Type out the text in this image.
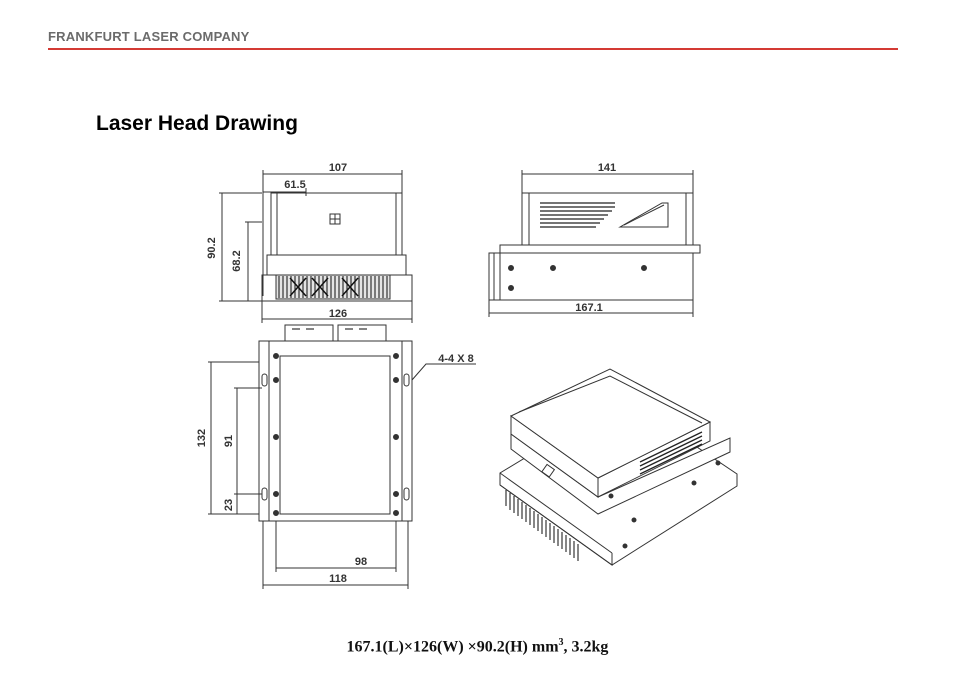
FRANKFURT LASER COMPANY
Laser Head Drawing
107
61.5
90.2
68.2
126
141
167.1
4-4 X 8
132 91
23
98
118
167.1(L)×126(W) ×90.2(H) $mm^3$, 3.2kg
